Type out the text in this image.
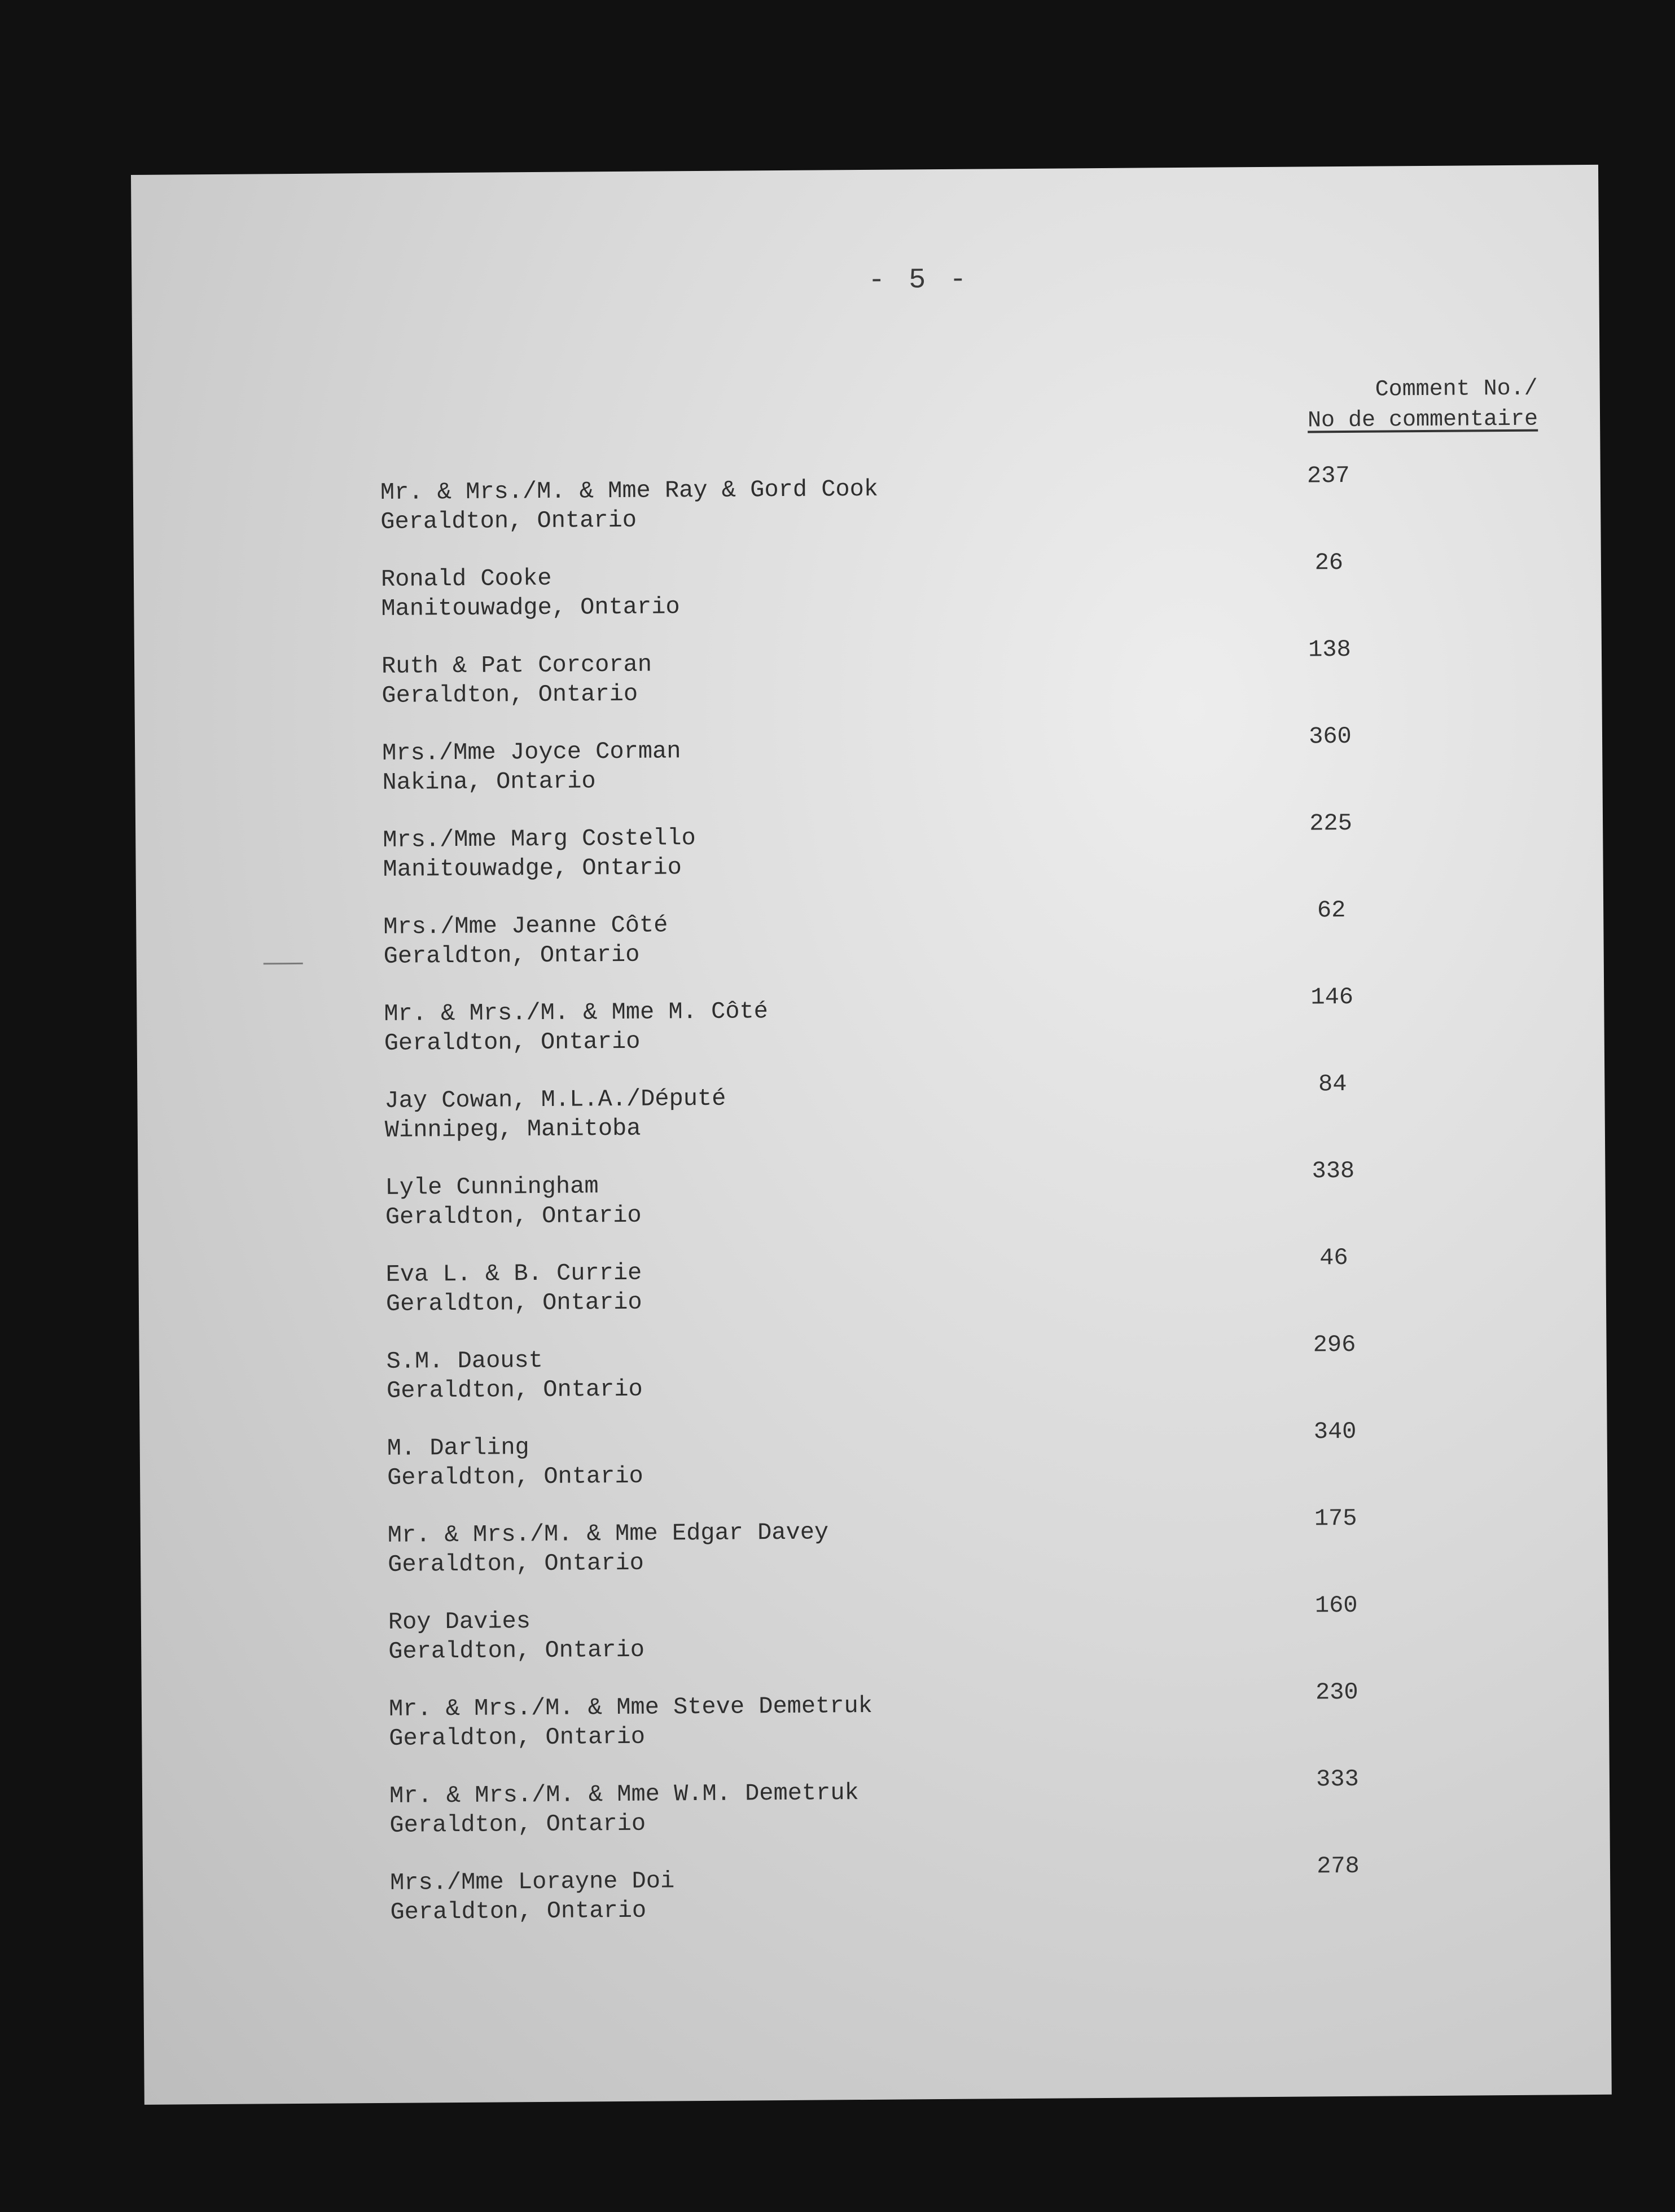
- 5 -
Comment No./
No de commentaire
Mr. & Mrs./M. & Mme Ray & Gord Cook
Geraldton, Ontario
237
Ronald Cooke
Manitouwadge, Ontario
26
Ruth & Pat Corcoran
Geraldton, Ontario
138
Mrs./Mme Joyce Corman
Nakina, Ontario
360
Mrs./Mme Marg Costello
Manitouwadge, Ontario
225
Mrs./Mme Jeanne Côté
Geraldton, Ontario
62
Mr. & Mrs./M. & Mme M. Côté
Geraldton, Ontario
146
Jay Cowan, M.L.A./Député
Winnipeg, Manitoba
84
Lyle Cunningham
Geraldton, Ontario
338
Eva L. & B. Currie
Geraldton, Ontario
46
S.M. Daoust
Geraldton, Ontario
296
M. Darling
Geraldton, Ontario
340
Mr. & Mrs./M. & Mme Edgar Davey
Geraldton, Ontario
175
Roy Davies
Geraldton, Ontario
160
Mr. & Mrs./M. & Mme Steve Demetruk
Geraldton, Ontario
230
Mr. & Mrs./M. & Mme W.M. Demetruk
Geraldton, Ontario
333
Mrs./Mme Lorayne Doi
Geraldton, Ontario
278
